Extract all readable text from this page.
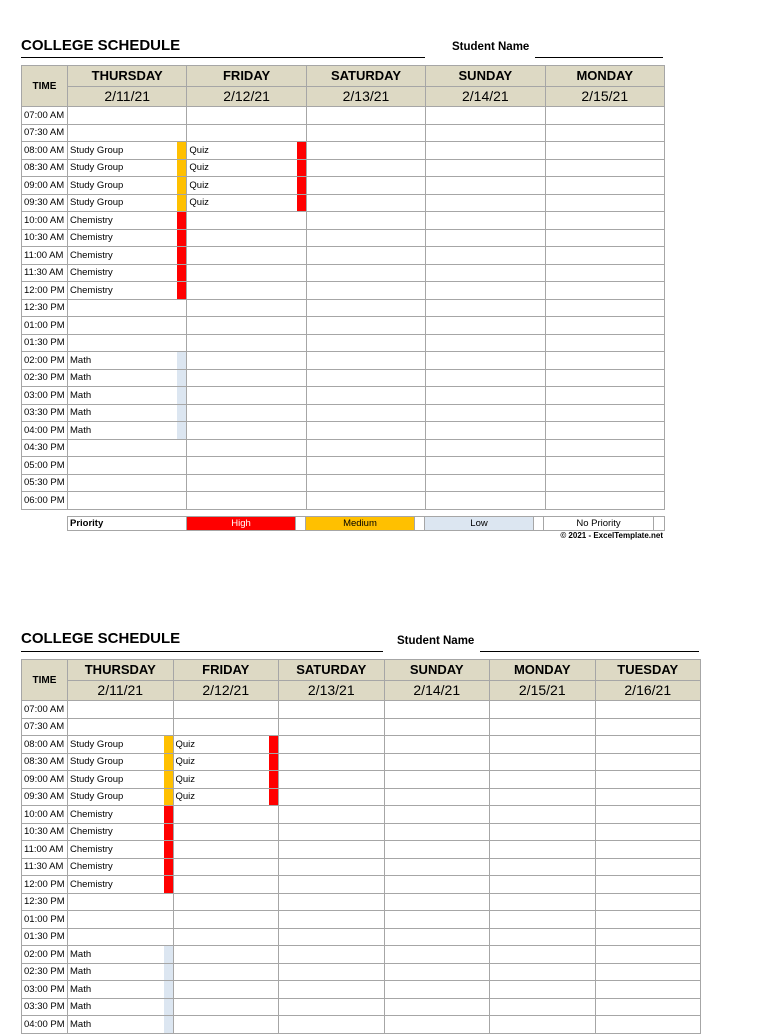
COLLEGE SCHEDULE	Student Name
TIME	THURSDAY	FRIDAY	SATURDAY	SUNDAY	MONDAY
	2/11/21	2/12/21	2/13/21	2/14/21	2/15/21
07:00 AM					
07:30 AM					
08:00 AM	Study Group	Quiz

08:30 AM	Study Group	Quiz

09:00 AM	Study Group	Quiz

09:30 AM	Study Group	Quiz

10:00 AM	Chemistry

10:30 AM	Chemistry

11:00 AM	Chemistry

11:30 AM	Chemistry

12:00 PM	Chemistry

12:30 PM					
01:00 PM					
01:30 PM					
02:00 PM	Math

02:30 PM	Math

03:00 PM	Math

03:30 PM	Math

04:00 PM	Math

04:30 PM					
05:00 PM					
05:30 PM					
06:00 PM					
Priority	High		Medium		Low		No Priority	
© 2021 - ExcelTemplate.net
COLLEGE SCHEDULE	Student Name
TIME	THURSDAY	FRIDAY	SATURDAY	SUNDAY	MONDAY	TUESDAY
	2/11/21	2/12/21	2/13/21	2/14/21	2/15/21	2/16/21
07:00 AM						
07:30 AM						
08:00 AM	Study Group	Quiz

08:30 AM	Study Group	Quiz

09:00 AM	Study Group	Quiz

09:30 AM	Study Group	Quiz

10:00 AM	Chemistry

10:30 AM	Chemistry

11:00 AM	Chemistry

11:30 AM	Chemistry

12:00 PM	Chemistry

12:30 PM						
01:00 PM						
01:30 PM						
02:00 PM	Math

02:30 PM	Math

03:00 PM	Math

03:30 PM	Math

04:00 PM	Math
